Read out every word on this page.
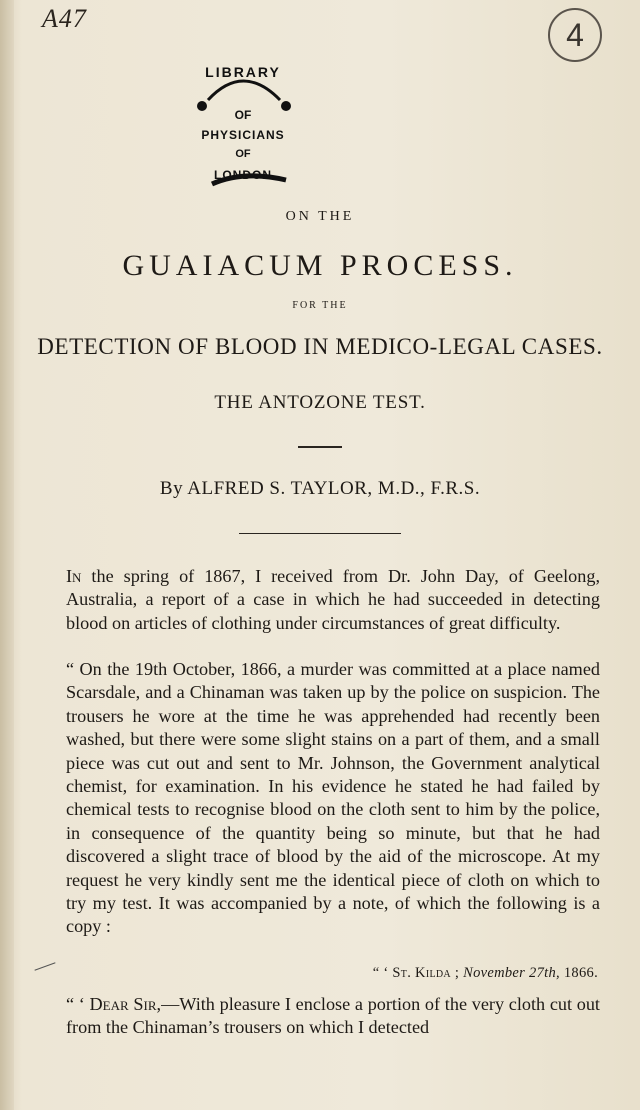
A47	4
LIBRARY
OF
PHYSICIANS
OF
LONDON
ON THE
GUAIACUM PROCESS.
FOR THE
DETECTION OF BLOOD IN MEDICO-LEGAL CASES.
THE ANTOZONE TEST.
By ALFRED S. TAYLOR, M.D., F.R.S.
In the spring of 1867, I received from Dr. John Day, of Geelong, Australia, a report of a case in which he had succeeded in detecting blood on articles of clothing under circumstances of great difficulty.
“ On the 19th October, 1866, a murder was committed at a place named Scarsdale, and a Chinaman was taken up by the police on suspicion. The trousers he wore at the time he was apprehended had recently been washed, but there were some slight stains on a part of them, and a small piece was cut out and sent to Mr. Johnson, the Government analytical chemist, for examination. In his evidence he stated he had failed by chemical tests to recognise blood on the cloth sent to him by the police, in consequence of the quantity being so minute, but that he had discovered a slight trace of blood by the aid of the microscope. At my request he very kindly sent me the identical piece of cloth on which to try my test. It was accompanied by a note, of which the following is a copy :
“ ‘ St. Kilda ; November 27th, 1866.
“ ‘ Dear Sir,—With pleasure I enclose a portion of the very cloth cut out from the Chinaman’s trousers on which I detected
